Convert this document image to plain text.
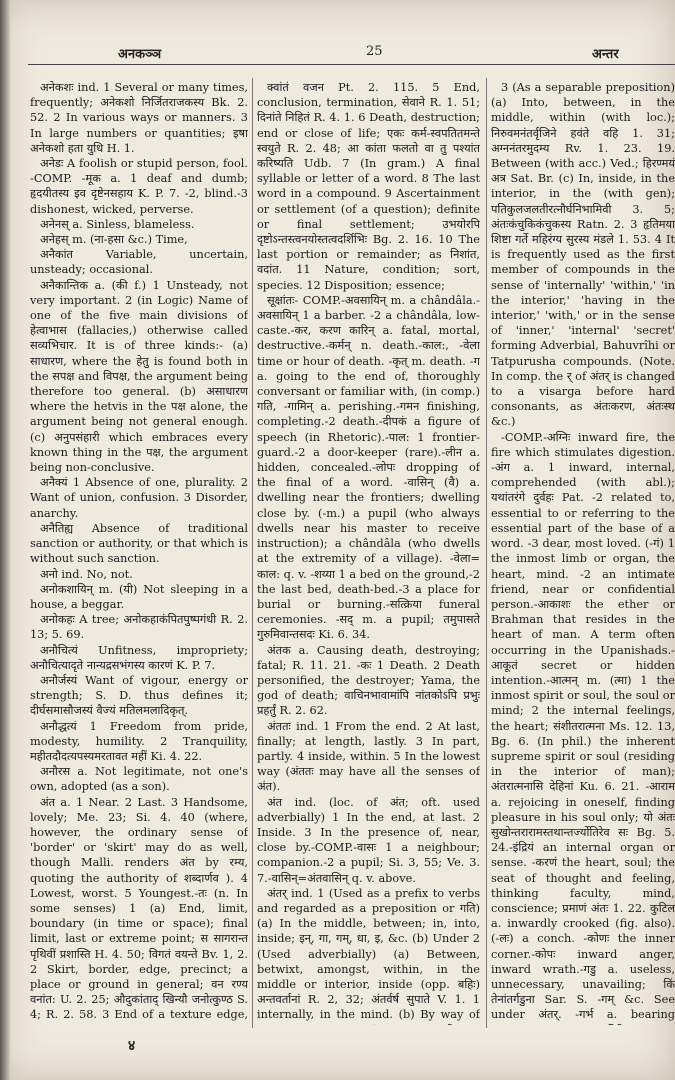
अनकञ्ञ	25	अन्तर

अनेकशः ind. 1 Several or many times, frequently; अनेकशो निर्जितराजकस्य Bk. 2. 52. 2 In various ways or manners. 3 In large numbers or quantities; इषा अनेकशो हता युधि H. 1.

अनेडः A foolish or stupid person, fool. -COMP. -मूक a. 1 deaf and dumb; हृदयीतस्य इव दृष्टेनसहाय K. P. 7. -2, blind.-3 dishonest, wicked, perverse.

अनेनस् a. Sinless, blameless.

अनेहस् m. (ना-हसा &c.) Time,

अनैकांत Variable, uncertain, unsteady; occasional.

अनैकान्तिक a. (की f.) 1 Unsteady, not very important. 2 (in Logic) Name of one of the five main divisions of हेत्वाभास (fallacies,) otherwise called सव्यभिचार. It is of three kinds:- (a) साधारण, where the हेतु is found both in the सपक्ष and विपक्ष, the argument being therefore too general. (b) असाधारण where the hetvis in the पक्ष alone, the argument being not general enough. (c) अनुपसंहारी which embraces every known thing in the पक्ष, the argument being non-conclusive.

अनैक्यं 1 Absence of one, plurality. 2 Want of union, confusion. 3 Disorder, anarchy.

अनैतिह्य Absence of traditional sanction or authority, or that which is without such sanction.

अनो ind. No, not.

अनोकशायिन् m. (यी) Not sleeping in a house, a beggar.

अनोकहः A tree; अनोकहाकंपितपुष्पगंधी R. 2. 13; 5. 69.

अनौचित्यं Unfitness, impropriety; अनौचित्यादृते नान्यद्रसभंगस्य कारणं K. P. 7.

अनौर्जस्यं Want of vigour, energy or strength; S. D. thus defines it; दीर्घसमासौजस्यं वैज्यं मतिलमलादिकृत्.

अनौद्धत्यं 1 Freedom from pride, modesty, humility. 2 Tranquility, महीतदौदत्यपस्यमरतावत महीं Ki. 4. 22.

अनौरस a. Not legitimate, not one's own, adopted (as a son).

अंत a. 1 Near. 2 Last. 3 Handsome, lovely; Me. 23; Si. 4. 40 (where, however, the ordinary sense of 'border' or 'skirt' may do as well, though Malli. renders अंत by रम्य, quoting the authority of शब्दार्णव ). 4 Lowest, worst. 5 Youngest.-तः (n. In some senses) 1 (a) End, limit, boundary (in time or space); final limit, last or extreme point; स सागरान्त पृथिवीं प्रशास्ति H. 4. 50; विगतं वयन्ते Bv. 1, 2. 2 Skirt, border, edge, precinct; a place or ground in general; वन रण्य वनांत: U. 2. 25; औदुकांताद् खिन्यौ जनोत्कुण्ठ S. 4; R. 2. 58. 3 End of a texture edge,

क्वांतं वजन Pt. 2. 115. 5 End, conclusion, termination, सेवाने R. 1. 51; दिनांते निहितं R. 4. 1. 6 Death, destruction; end or close of life; एकः कर्म-स्वपतितमन्ते स्वयुते R. 2. 48; आ कांता फलतो वा तु पश्यांत करिष्यति Udb. 7 (In gram.) A final syllable or letter of a word. 8 The last word in a compound. 9 Ascertainment or settlement (of a question); definite or final settlement; उभयोरपि दृष्टोऽन्तस्त्वनयोस्तत्वदर्शिभिः Bg. 2. 16. 10 The last portion or remainder; as निशांत, वदांत. 11 Nature, condition; sort, species. 12 Disposition; essence;

सूक्षांतः- COMP.-अवसायिन् m. a chândâla.-अवसायिन् 1 a barber. -2 a chândâla, low-caste.-कर, करण कारिन् a. fatal, mortal, destructive.-कर्मन् n. death.-काल:, -वेला time or hour of death. -कृत् m. death. -ग a. going to the end of, thoroughly conversant or familiar with, (in comp.) गति, -गामिन् a. perishing.-गमन finishing, completing.-2 death.-दीपकं a figure of speech (in Rhetoric).-पाल: 1 frontier-guard.-2 a door-keeper (rare).-लीन a. hidden, concealed.-लोपः dropping of the final of a word. -वासिन् (वै) a. dwelling near the frontiers; dwelling close by. (-m.) a pupil (who always dwells near his master to receive instruction); a chândâla (who dwells at the extremity of a village). -वेला= काल: q. v. -शय्या 1 a bed on the ground,-2 the last bed, death-bed.-3 a place for burial or burning.-सत्क्रिया funeral ceremonies. -सद् m. a pupil; तमुपासते गुरुमिवान्तसदः Ki. 6. 34.

अंतक a. Causing death, destroying; fatal; R. 11. 21. -कः 1 Death. 2 Death personified, the destroyer; Yama, the god of death; वाचिनभावामांपि नांतकोऽपि प्रभुः प्रहर्तुं R. 2. 62.

अंततः ind. 1 From the end. 2 At last, finally; at length, lastly. 3 In part, partly. 4 inside, within. 5 In the lowest way (अंततः may have all the senses of अंत).

अंत ind. (loc. of अंत; oft. used adverbially) 1 In the end, at last. 2 Inside. 3 In the presence of, near, close by.-COMP.-वासः 1 a neighbour; companion.-2 a pupil; Si. 3, 55; Ve. 3. 7.-वासिन्=अंतवासिन् q. v. above.

अंतर् ind. 1 (Used as a prefix to verbs and regarded as a preposition or गति) (a) In the middle, between; in, into, inside; इन्, गा, गम्, धा, इ, &c. (b) Under 2 (Used adverbially) (a) Between, betwixt, amongst, within, in the middle or interior, inside (opp. बहिः) अन्तवर्तानां R. 2, 32; अंतर्वर्ष सुपाते V. 1. 1 internally, in the mind. (b) By way of

3 (As a separable preposition) (a) Into, between, in the middle, within (with loc.); निरुवमनंतर्वृजिने हवंते वहि 1. 31; अग्ननंतरमुदम्य Rv. 1. 23. 19. Between (with acc.) Ved.; हिरण्मयं अत्र Sat. Br. (c) In, inside, in the interior, in the (with gen); पतिकुलजलतीरत्नौर्घनिभामिवी 3. 5; अंतःकंचुकिकंचुकस्य Ratn. 2. 3 हृतिमया शिष्टा गर्ते महिरंग्य सुरस्य मंडले 1. 53. 4 It is frequently used as the first member of compounds in the sense of 'internally' 'within,' 'in the interior,' 'having in the interior,' 'with,' or in the sense of 'inner,' 'internal' 'secret' forming Adverbial, Bahuvrîhi or Tatpurusha compounds. (Note. In comp. the र् of अंतर् is changed to a visarga before hard consonants, as अंतःकरण, अंतःस्थ &c.)

-COMP.-अग्निः inward fire, the fire which stimulates digestion. -अंग a. 1 inward, internal, comprehended (with abl.); यथांतरंगे दुर्वहः Pat. -2 related to, essential to or referring to the essential part of the base of a word. -3 dear, most loved. (-गं) 1 the inmost limb or organ, the heart, mind. -2 an intimate friend, near or confidential person.-आकाशः the ether or Brahman that resides in the heart of man. A term often occurring in the Upanishads.-आकूतं secret or hidden intention.-आत्मन् m. (त्मा) 1 the inmost spirit or soul, the soul or mind; 2 the internal feelings, the heart; संशीतरात्मना Ms. 12. 13, Bg. 6. (In phil.) the inherent supreme spirit or soul (residing in the interior of man); अंतरात्मनासि देहिनां Ku. 6. 21. -आराम a. rejoicing in oneself, finding pleasure in his soul only; यो अंतः सुखोन्तरारामस्तथान्तर्ज्योतिरेव सः Bg. 5. 24.-इंद्रियं an internal organ or sense. -करणं the heart, soul; the seat of thought and feeling, thinking faculty, mind, conscience; प्रमाणं अंतः 1. 22. कुटिल a. inwardly crooked (fig. also). (-लः) a conch. -कोणः the inner corner.-कोपः inward anger, inward wrath.-गडु a. useless, unnecessary, unavailing; किं तेनांतर्गडुना Sar. S. -गम् &c. See under अंतर्. -गर्भ a. bearing

४
